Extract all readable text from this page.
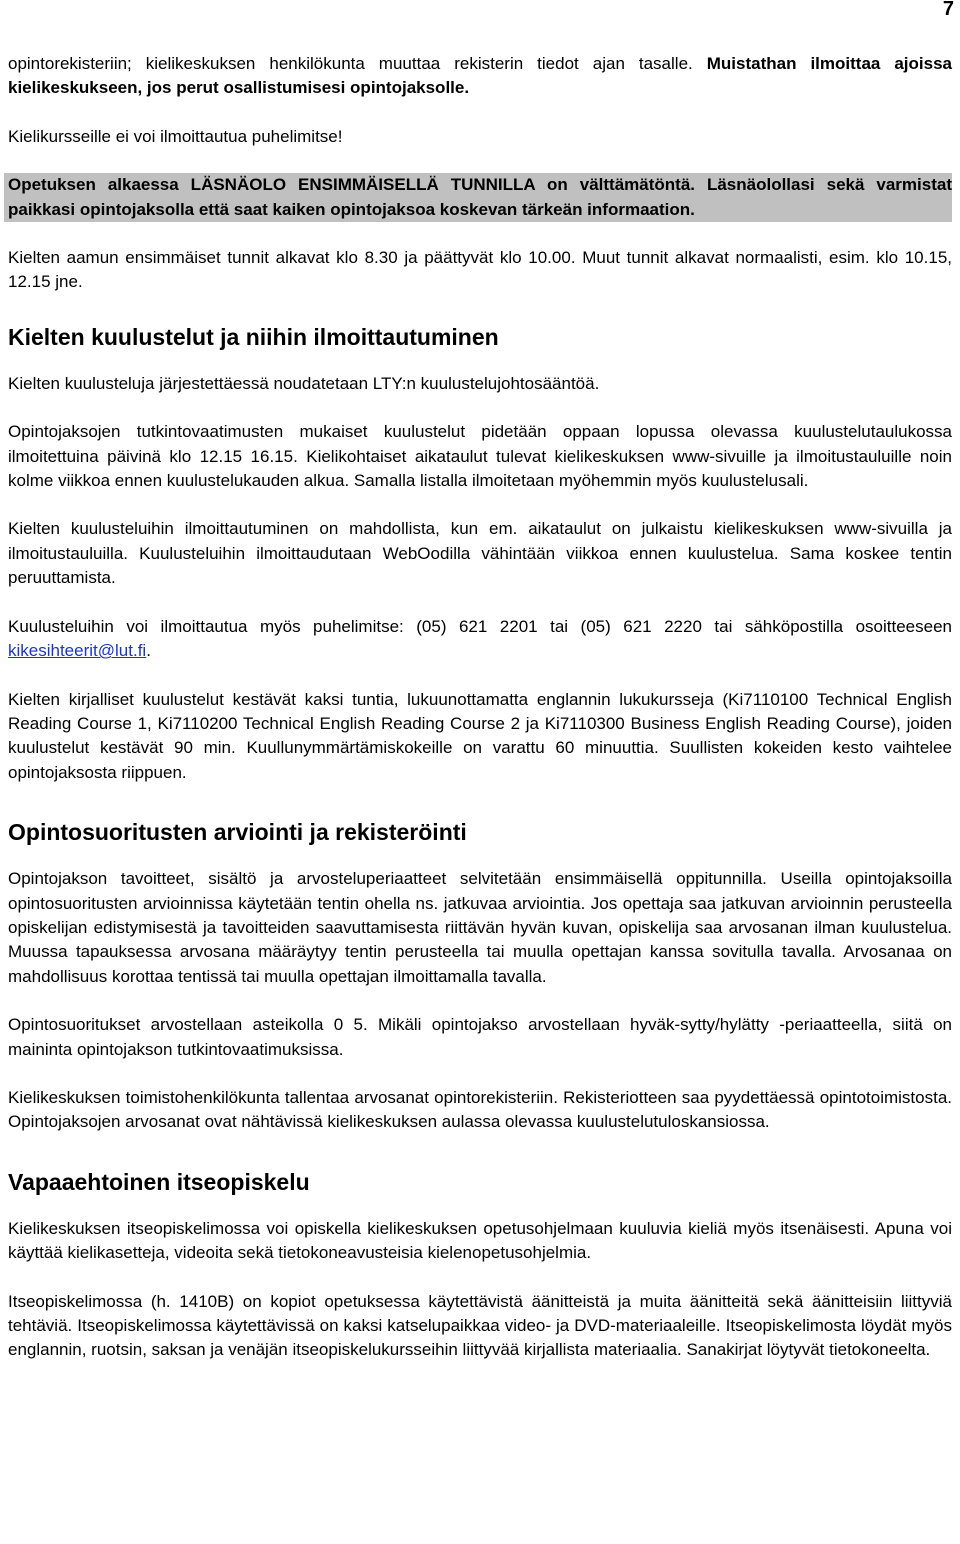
7

opintorekisteriin; kielikeskuksen henkilökunta muuttaa rekisterin tiedot ajan tasalle. Muistathan ilmoittaa ajoissa kielikeskukseen, jos perut osallistumisesi opintojaksolle.

Kielikursseille ei voi ilmoittautua puhelimitse!

Opetuksen alkaessa LÄSNÄOLO ENSIMMÄISELLÄ TUNNILLA on välttämätöntä. Läsnäolollasi sekä varmistat paikkasi opintojaksolla että saat kaiken opintojaksoa koskevan tärkeän informaation.

Kielten aamun ensimmäiset tunnit alkavat klo 8.30 ja päättyvät klo 10.00. Muut tunnit alkavat normaalisti, esim. klo 10.15, 12.15 jne.

Kielten kuulustelut ja niihin ilmoittautuminen

Kielten kuulusteluja järjestettäessä noudatetaan LTY:n kuulustelujohtosääntöä.

Opintojaksojen tutkintovaatimusten mukaiset kuulustelut pidetään oppaan lopussa olevassa kuulustelutaulukossa ilmoitettuina päivinä klo 12.15 16.15. Kielikohtaiset aikataulut tulevat kielikeskuksen www-sivuille ja ilmoitustauluille noin kolme viikkoa ennen kuulustelukauden alkua. Samalla listalla ilmoitetaan myöhemmin myös kuulustelusali.

Kielten kuulusteluihin ilmoittautuminen on mahdollista, kun em. aikataulut on julkaistu kielikeskuksen www-sivuilla ja ilmoitustauluilla. Kuulusteluihin ilmoittaudutaan WebOodilla vähintään viikkoa ennen kuulustelua. Sama koskee tentin peruuttamista.

Kuulusteluihin voi ilmoittautua myös puhelimitse: (05) 621 2201 tai (05) 621 2220 tai sähköpostilla osoitteeseen kikesihteerit@lut.fi.

Kielten kirjalliset kuulustelut kestävät kaksi tuntia, lukuunottamatta englannin lukukursseja (Ki7110100 Technical English Reading Course 1, Ki7110200 Technical English Reading Course 2 ja Ki7110300 Business English Reading Course), joiden kuulustelut kestävät 90 min. Kuullunymmärtämiskokeille on varattu 60 minuuttia. Suullisten kokeiden kesto vaihtelee opintojaksosta riippuen.

Opintosuoritusten arviointi ja rekisteröinti

Opintojakson tavoitteet, sisältö ja arvosteluperiaatteet selvitetään ensimmäisellä oppitunnilla. Useilla opintojaksoilla opintosuoritusten arvioinnissa käytetään tentin ohella ns. jatkuvaa arviointia. Jos opettaja saa jatkuvan arvioinnin perusteella opiskelijan edistymisestä ja tavoitteiden saavuttamisesta riittävän hyvän kuvan, opiskelija saa arvosanan ilman kuulustelua. Muussa tapauksessa arvosana määräytyy tentin perusteella tai muulla opettajan kanssa sovitulla tavalla. Arvosanaa on mahdollisuus korottaa tentissä tai muulla opettajan ilmoittamalla tavalla.

Opintosuoritukset arvostellaan asteikolla 0 5. Mikäli opintojakso arvostellaan hyväk-sytty/hylätty -periaatteella, siitä on maininta opintojakson tutkintovaatimuksissa.

Kielikeskuksen toimistohenkilökunta tallentaa arvosanat opintorekisteriin. Rekisteriotteen saa pyydettäessä opintotoimistosta. Opintojaksojen arvosanat ovat nähtävissä kielikeskuksen aulassa olevassa kuulustelutuloskansiossa.

Vapaaehtoinen itseopiskelu

Kielikeskuksen itseopiskelimossa voi opiskella kielikeskuksen opetusohjelmaan kuuluvia kieliä myös itsenäisesti. Apuna voi käyttää kielikasetteja, videoita sekä tietokoneavusteisia kielenopetusohjelmia.

Itseopiskelimossa (h. 1410B) on kopiot opetuksessa käytettävistä äänitteistä ja muita äänitteitä sekä äänitteisiin liittyviä tehtäviä. Itseopiskelimossa käytettävissä on kaksi katselupaikkaa video- ja DVD-materiaaleille. Itseopiskelimosta löydät myös englannin, ruotsin, saksan ja venäjän itseopiskelukursseihin liittyvää kirjallista materiaalia. Sanakirjat löytyvät tietokoneelta.
